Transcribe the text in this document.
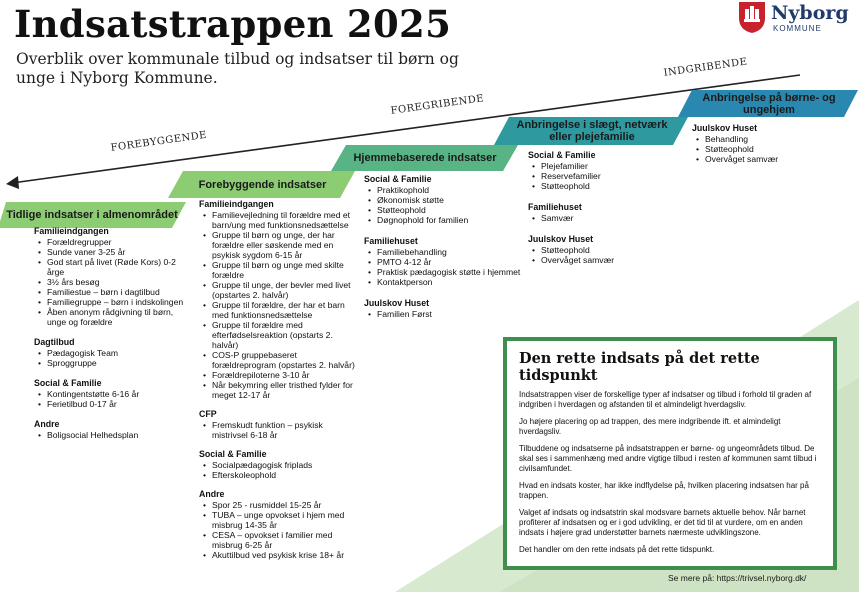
Indsatstrappen 2025
Overblik over kommunale tilbud og indsatser til børn og unge i Nyborg Kommune.
Nyborg
KOMMUNE
FOREBYGGENDE
FOREGRIBENDE
INDGRIBENDE
Tidlige indsatser i almenområdet
Forebyggende indsatser
Hjemmebaserede indsatser
Anbringelse i slægt, netværk eller plejefamilie
Anbringelse på børne- og ungehjem
Familieindgangen
• Forældregrupper
• Sunde vaner 3-25 år
• God start på livet (Røde Kors) 0-2 årge
• 3½ års besøg
• Familiestue – børn i dagtilbud
• Familiegruppe – børn i indskolingen
• Åben anonym rådgivning til børn, unge og forældre
Dagtilbud
• Pædagogisk Team
• Sproggruppe
Social & Familie
• Kontingentstøtte 6-16 år
• Ferietilbud 0-17 år
Andre
• Boligsocial Helhedsplan
Familieindgangen
• Familievejledning til forældre med et barn/ung med funktionsnedsættelse
• Gruppe til børn og unge, der har forældre eller søskende med en psykisk sygdom 6-15 år
• Gruppe til børn og unge med skilte forældre
• Gruppe til unge, der bevler med livet (opstartes 2. halvår)
• Gruppe til forældre, der har et barn med funktionsnedsættelse
• Gruppe til forældre med efterfødselsreaktion (opstarts 2. halvår)
• COS-P gruppebaseret forældreprogram (opstartes 2. halvår)
• Forældrepiloterne 3-10 år
• Når bekymring eller tristhed fylder for meget 12-17 år
CFP
• Fremskudt funktion – psykisk mistrivsel 6-18 år
Social & Familie
• Socialpædagogisk friplads
• Efterskoleophold
Andre
• Spor 25 - rusmiddel 15-25 år
• TUBA – unge opvokset i hjem med misbrug 14-35 år
• CESA – opvokset i familier med misbrug 6-25 år
• Akuttilbud ved psykisk krise 18+ år
Social & Familie
• Praktikophold
• Økonomisk støtte
• Støtteophold
• Døgnophold for familien
Familiehuset
• Familiebehandling
• PMTO 4-12 år
• Praktisk pædagogisk støtte i hjemmet
• Kontaktperson
Juulskov Huset
• Familien Først
Social & Familie
• Plejefamilier
• Reservefamilier
• Støtteophold
Familiehuset
• Samvær
Juulskov Huset
• Støtteophold
• Overvåget samvær
Juulskov Huset
• Behandling
• Støtteophold
• Overvåget samvær
Den rette indsats på det rette tidspunkt

Indsatstrappen viser de forskellige typer af indsatser og tilbud i forhold til graden af indgriben i hverdagen og afstanden til et almindeligt hverdagsliv.

Jo højere placering op ad trappen, des mere indgribende ift. et almindeligt hverdagsliv.

Tilbuddene og indsatserne på indsatstrappen er børne- og ungeområdets tilbud. De skal ses i sammenhæng med andre vigtige tilbud i resten af kommunen samt tilbud i civilsamfundet.

Hvad en indsats koster, har ikke indflydelse på, hvilken placering indsatsen har på trappen.

Valget af indsats og indsatstrin skal modsvare barnets aktuelle behov. Når barnet profiterer af indsatsen og er i god udvikling, er det tid til at vurdere, om en anden indsats i højere grad understøtter barnets nærmeste udviklingszone.

Det handler om den rette indsats på det rette tidspunkt.

Se mere på: https://trivsel.nyborg.dk/
